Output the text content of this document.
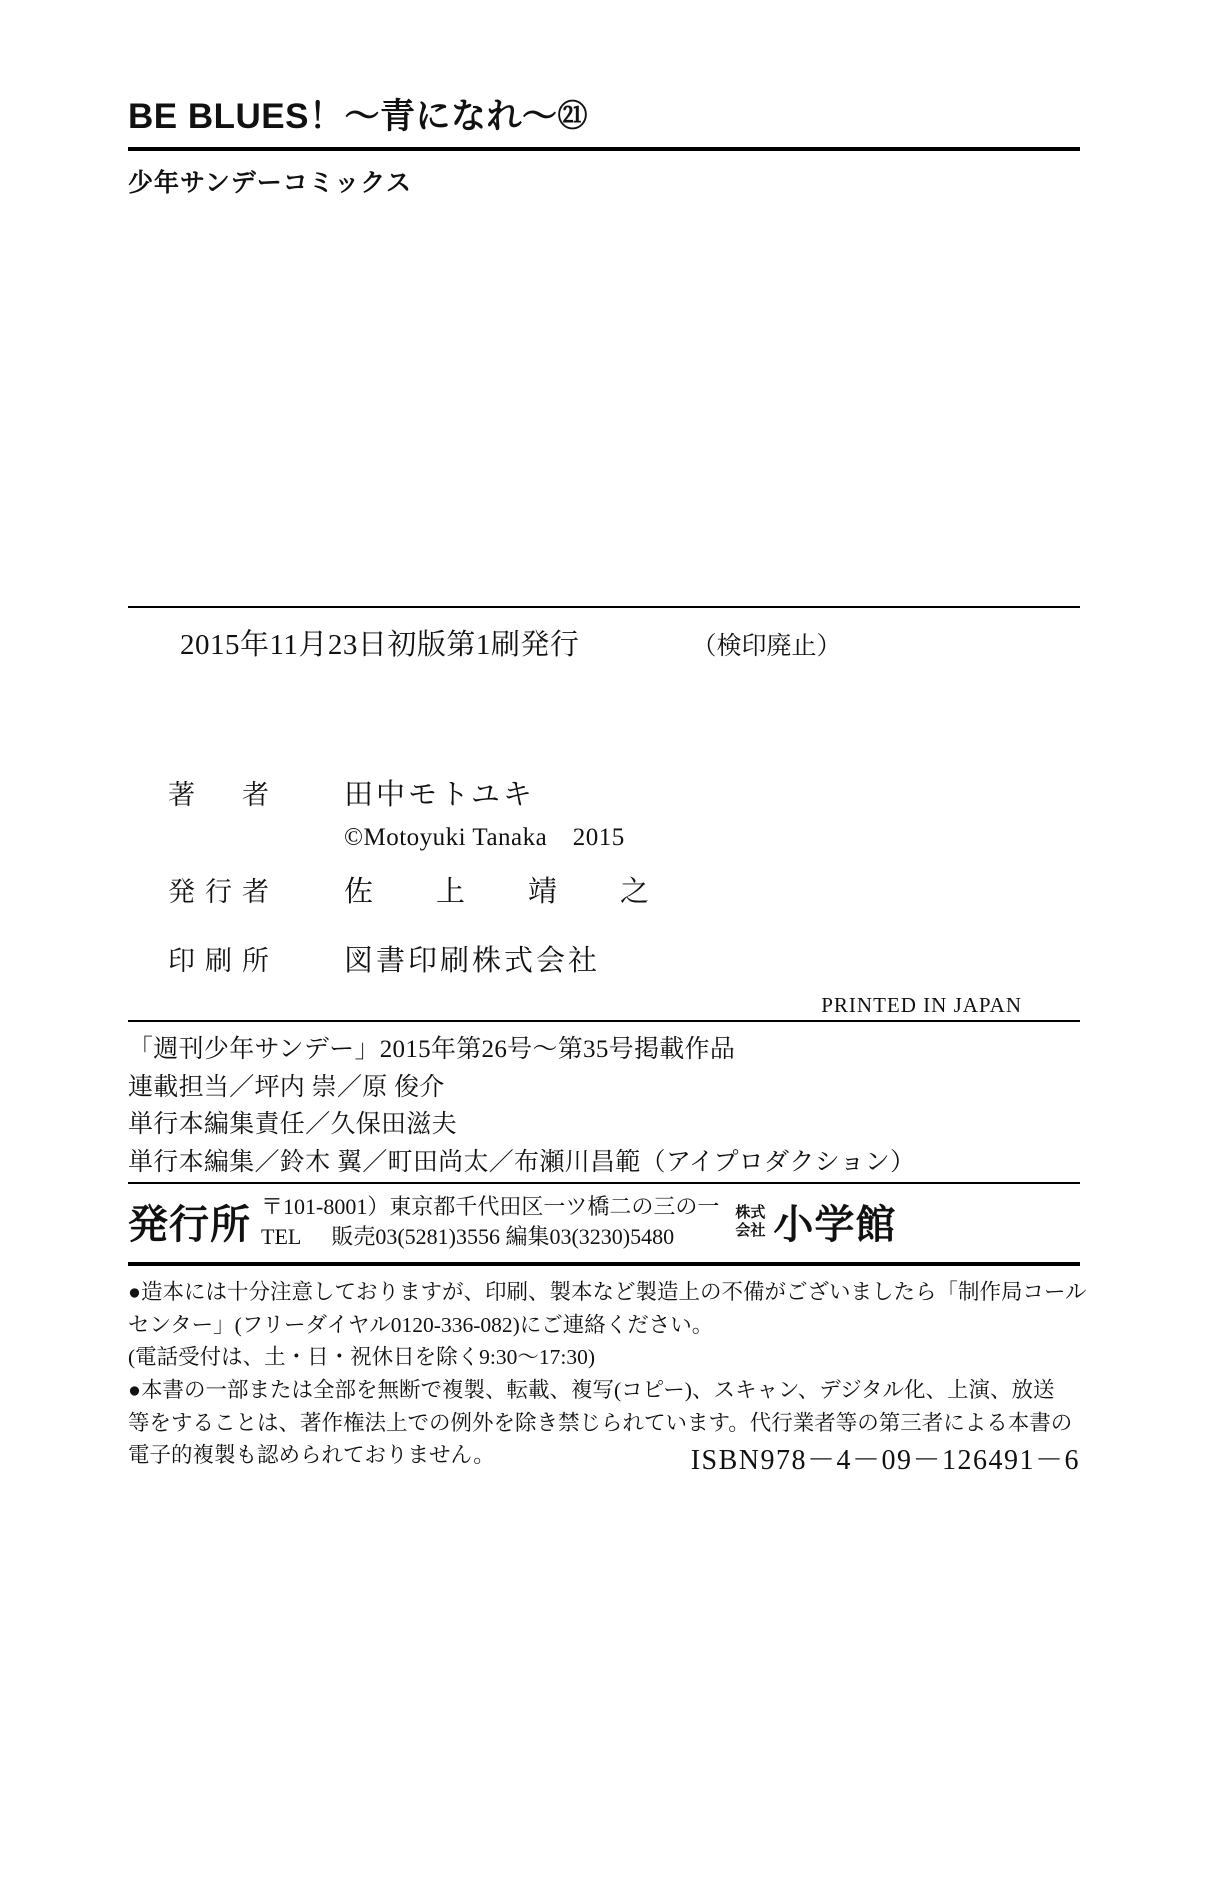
BE BLUES！～青になれ～㉑
少年サンデーコミックス
2015年11月23日初版第1刷発行	（検印廃止）
著　者	田中モトユキ
©Motoyuki Tanaka　2015
発行者	佐　上　靖　之
印刷所	図書印刷株式会社
PRINTED IN JAPAN
「週刊少年サンデー」2015年第26号～第35号掲載作品
連載担当／坪内 崇／原 俊介
単行本編集責任／久保田滋夫
単行本編集／鈴木 翼／町田尚太／布瀬川昌範（アイプロダクション）
発行所 〒101-8001）東京都千代田区一ツ橋二の三の一
TEL 販売03(5281)3556 編集03(3230)5480
株式
会社 小学館
●造本には十分注意しておりますが、印刷、製本など製造上の不備がございましたら「制作局コール
センター」(フリーダイヤル0120-336-082)にご連絡ください。
(電話受付は、土・日・祝休日を除く9:30～17:30)
●本書の一部または全部を無断で複製、転載、複写(コピー)、スキャン、デジタル化、上演、放送
等をすることは、著作権法上での例外を除き禁じられています。代行業者等の第三者による本書の
電子的複製も認められておりません。	ISBN978－4－09－126491－6
